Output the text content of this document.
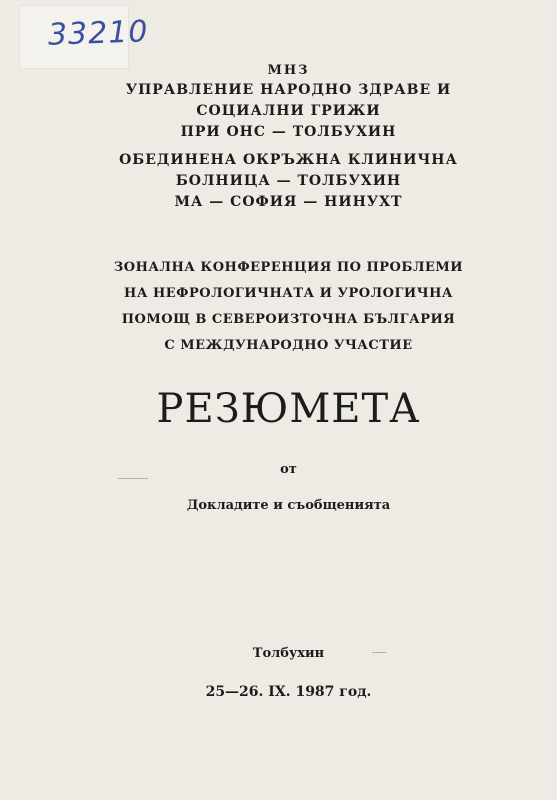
33210
МНЗ
УПРАВЛЕНИЕ НАРОДНО ЗДРАВЕ И
СОЦИАЛНИ ГРИЖИ
ПРИ ОНС — ТОЛБУХИН
ОБЕДИНЕНА ОКРЪЖНА КЛИНИЧНА
БОЛНИЦА — ТОЛБУХИН
МА — СОФИЯ — НИНУХТ
ЗОНАЛНА КОНФЕРЕНЦИЯ ПО ПРОБЛЕМИ
НА НЕФРОЛОГИЧНАТА И УРОЛОГИЧНА
ПОМОЩ В СЕВЕРОИЗТОЧНА БЪЛГАРИЯ
С МЕЖДУНАРОДНО УЧАСТИЕ
РЕЗЮМЕТА
от
Докладите и съобщенията
Толбухин
25—26. IX. 1987 год.
